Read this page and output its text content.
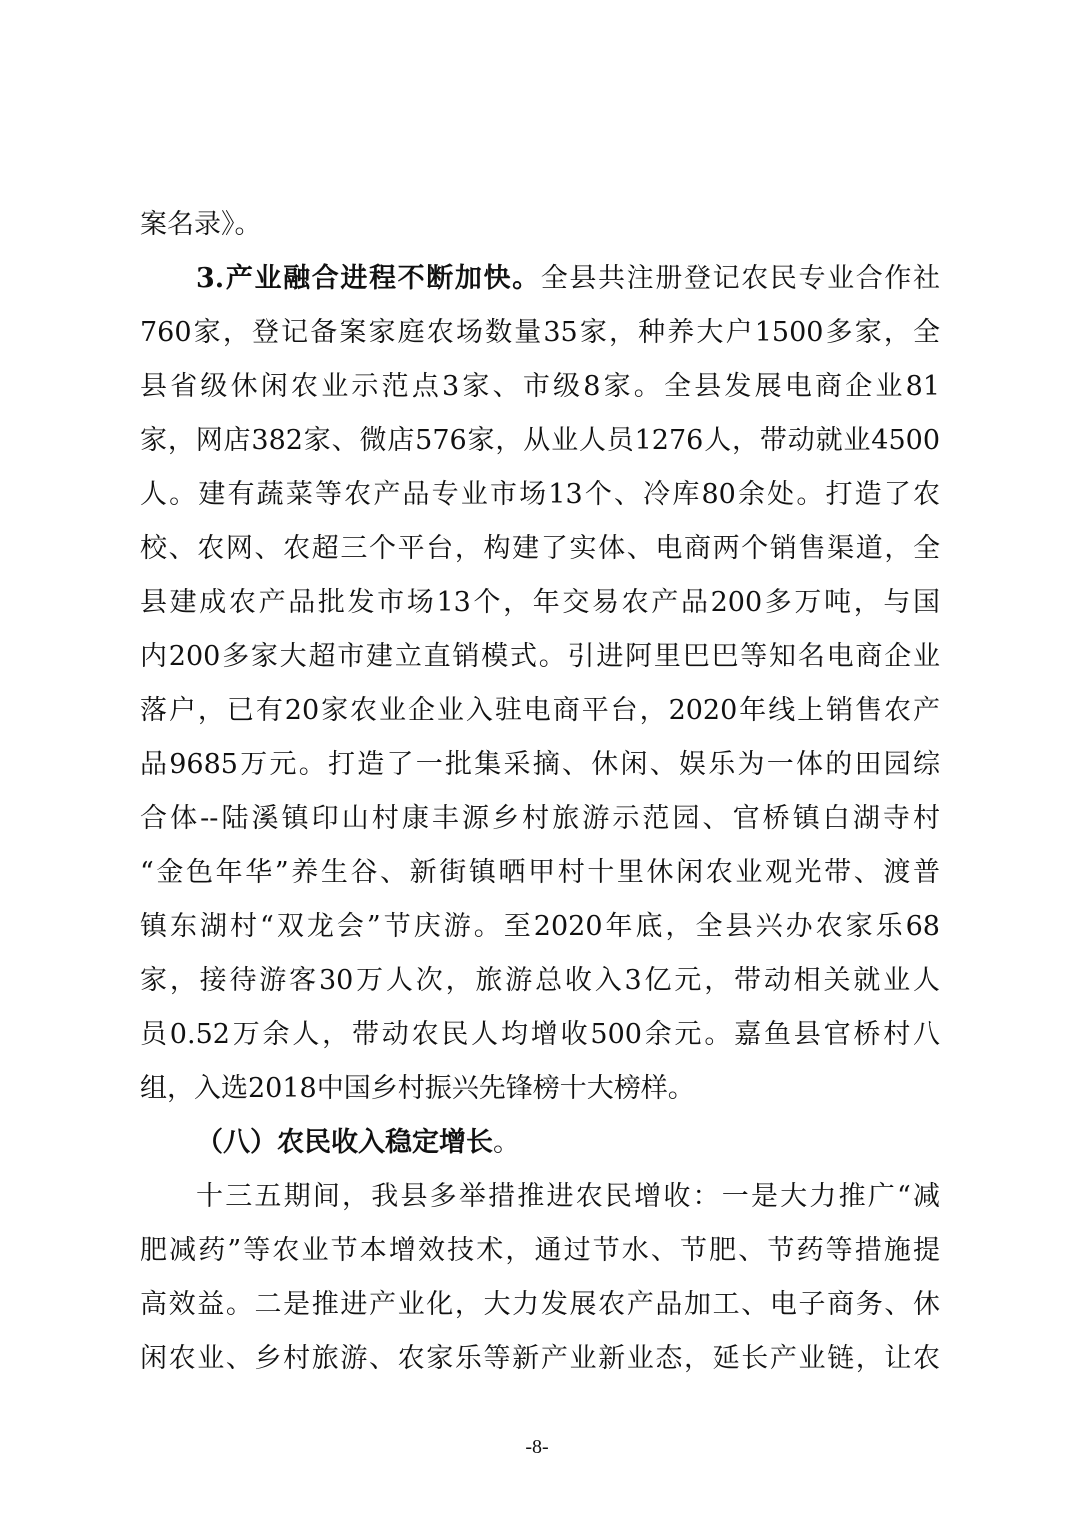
案名录》。
3.产业融合进程不断加快。全县共注册登记农民专业合作社
760家，登记备案家庭农场数量35家，种养大户1500多家，全
县省级休闲农业示范点3家、市级8家。全县发展电商企业81
家，网店382家、微店576家，从业人员1276人，带动就业4500
人。建有蔬菜等农产品专业市场13个、冷库80余处。打造了农
校、农网、农超三个平台，构建了实体、电商两个销售渠道，全
县建成农产品批发市场13个，年交易农产品200多万吨，与国
内200多家大超市建立直销模式。引进阿里巴巴等知名电商企业
落户，已有20家农业企业入驻电商平台，2020年线上销售农产
品9685万元。打造了一批集采摘、休闲、娱乐为一体的田园综
合体--陆溪镇印山村康丰源乡村旅游示范园、官桥镇白湖寺村
“金色年华”养生谷、新街镇晒甲村十里休闲农业观光带、渡普
镇东湖村“双龙会”节庆游。至2020年底，全县兴办农家乐68
家，接待游客30万人次，旅游总收入3亿元，带动相关就业人
员0.52万余人，带动农民人均增收500余元。嘉鱼县官桥村八
组，入选2018中国乡村振兴先锋榜十大榜样。
（八）农民收入稳定增长。
十三五期间，我县多举措推进农民增收：一是大力推广“减
肥减药”等农业节本增效技术，通过节水、节肥、节药等措施提
高效益。二是推进产业化，大力发展农产品加工、电子商务、休
闲农业、乡村旅游、农家乐等新产业新业态，延长产业链，让农
-8-
